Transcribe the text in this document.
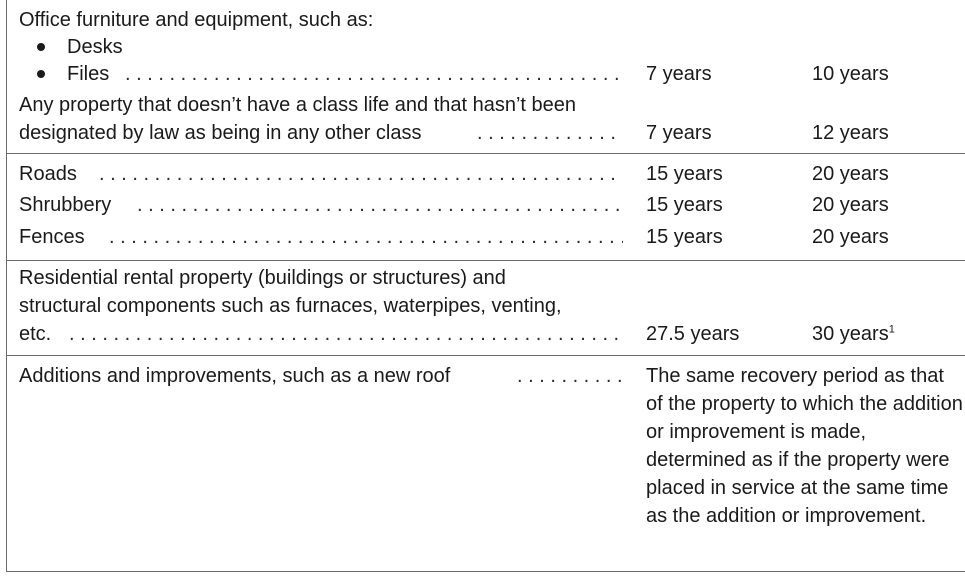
Office furniture and equipment, such as:
Desks
Files . . .	7 years	10 years
Any property that doesn’t have a class life and that hasn’t been
designated by law as being in any other class . . .	7 years	12 years
Roads . . .	15 years	20 years
Shrubbery . . .	15 years	20 years
Fences . . .	15 years	20 years
Residential rental property (buildings or structures) and
structural components such as furnaces, waterpipes, venting,
etc. . . .	27.5 years	30 years$^1$
Additions and improvements, such as a new roof . . .	The same recovery period as that of the property to which the addition or improvement is made, determined as if the property were placed in service at the same time as the addition or improvement.
